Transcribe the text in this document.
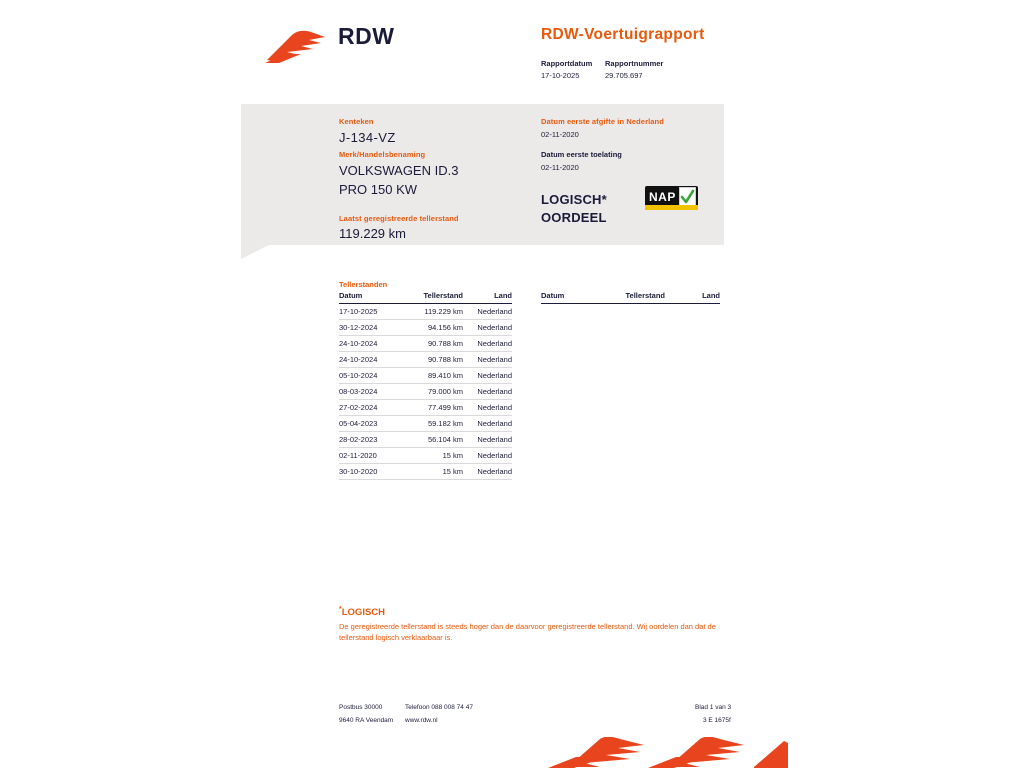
RDW	RDW-Voertuigrapport
Rapportdatum
17-10-2025
Rapportnummer
29.705.697
Kenteken
J-134-VZ
Merk/Handelsbenaming
VOLKSWAGEN ID.3
PRO 150 KW
Laatst geregistreerde tellerstand
119.229 km
Datum eerste afgifte in Nederland
02-11-2020
Datum eerste toelating
02-11-2020
LOGISCH*
OORDEEL
NAP
Tellerstanden
Datum	Tellerstand	Land
17-10-2025	119.229 km	Nederland
30-12-2024	94.156 km	Nederland
24-10-2024	90.788 km	Nederland
24-10-2024	90.788 km	Nederland
05-10-2024	89.410 km	Nederland
08-03-2024	79.000 km	Nederland
27-02-2024	77.499 km	Nederland
05-04-2023	59.182 km	Nederland
28-02-2023	56.104 km	Nederland
02-11-2020	15 km	Nederland
30-10-2020	15 km	Nederland
Datum	Tellerstand	Land
*LOGISCH
De geregistreerde tellerstand is steeds hoger dan de daarvoor geregistreerde tellerstand. Wij oordelen dan dat de tellerstand logisch verklaarbaar is.
Postbus 30000
9640 RA Veendam
Telefoon 088 008 74 47
www.rdw.nl
Blad 1 van 3
3 E 1675f
